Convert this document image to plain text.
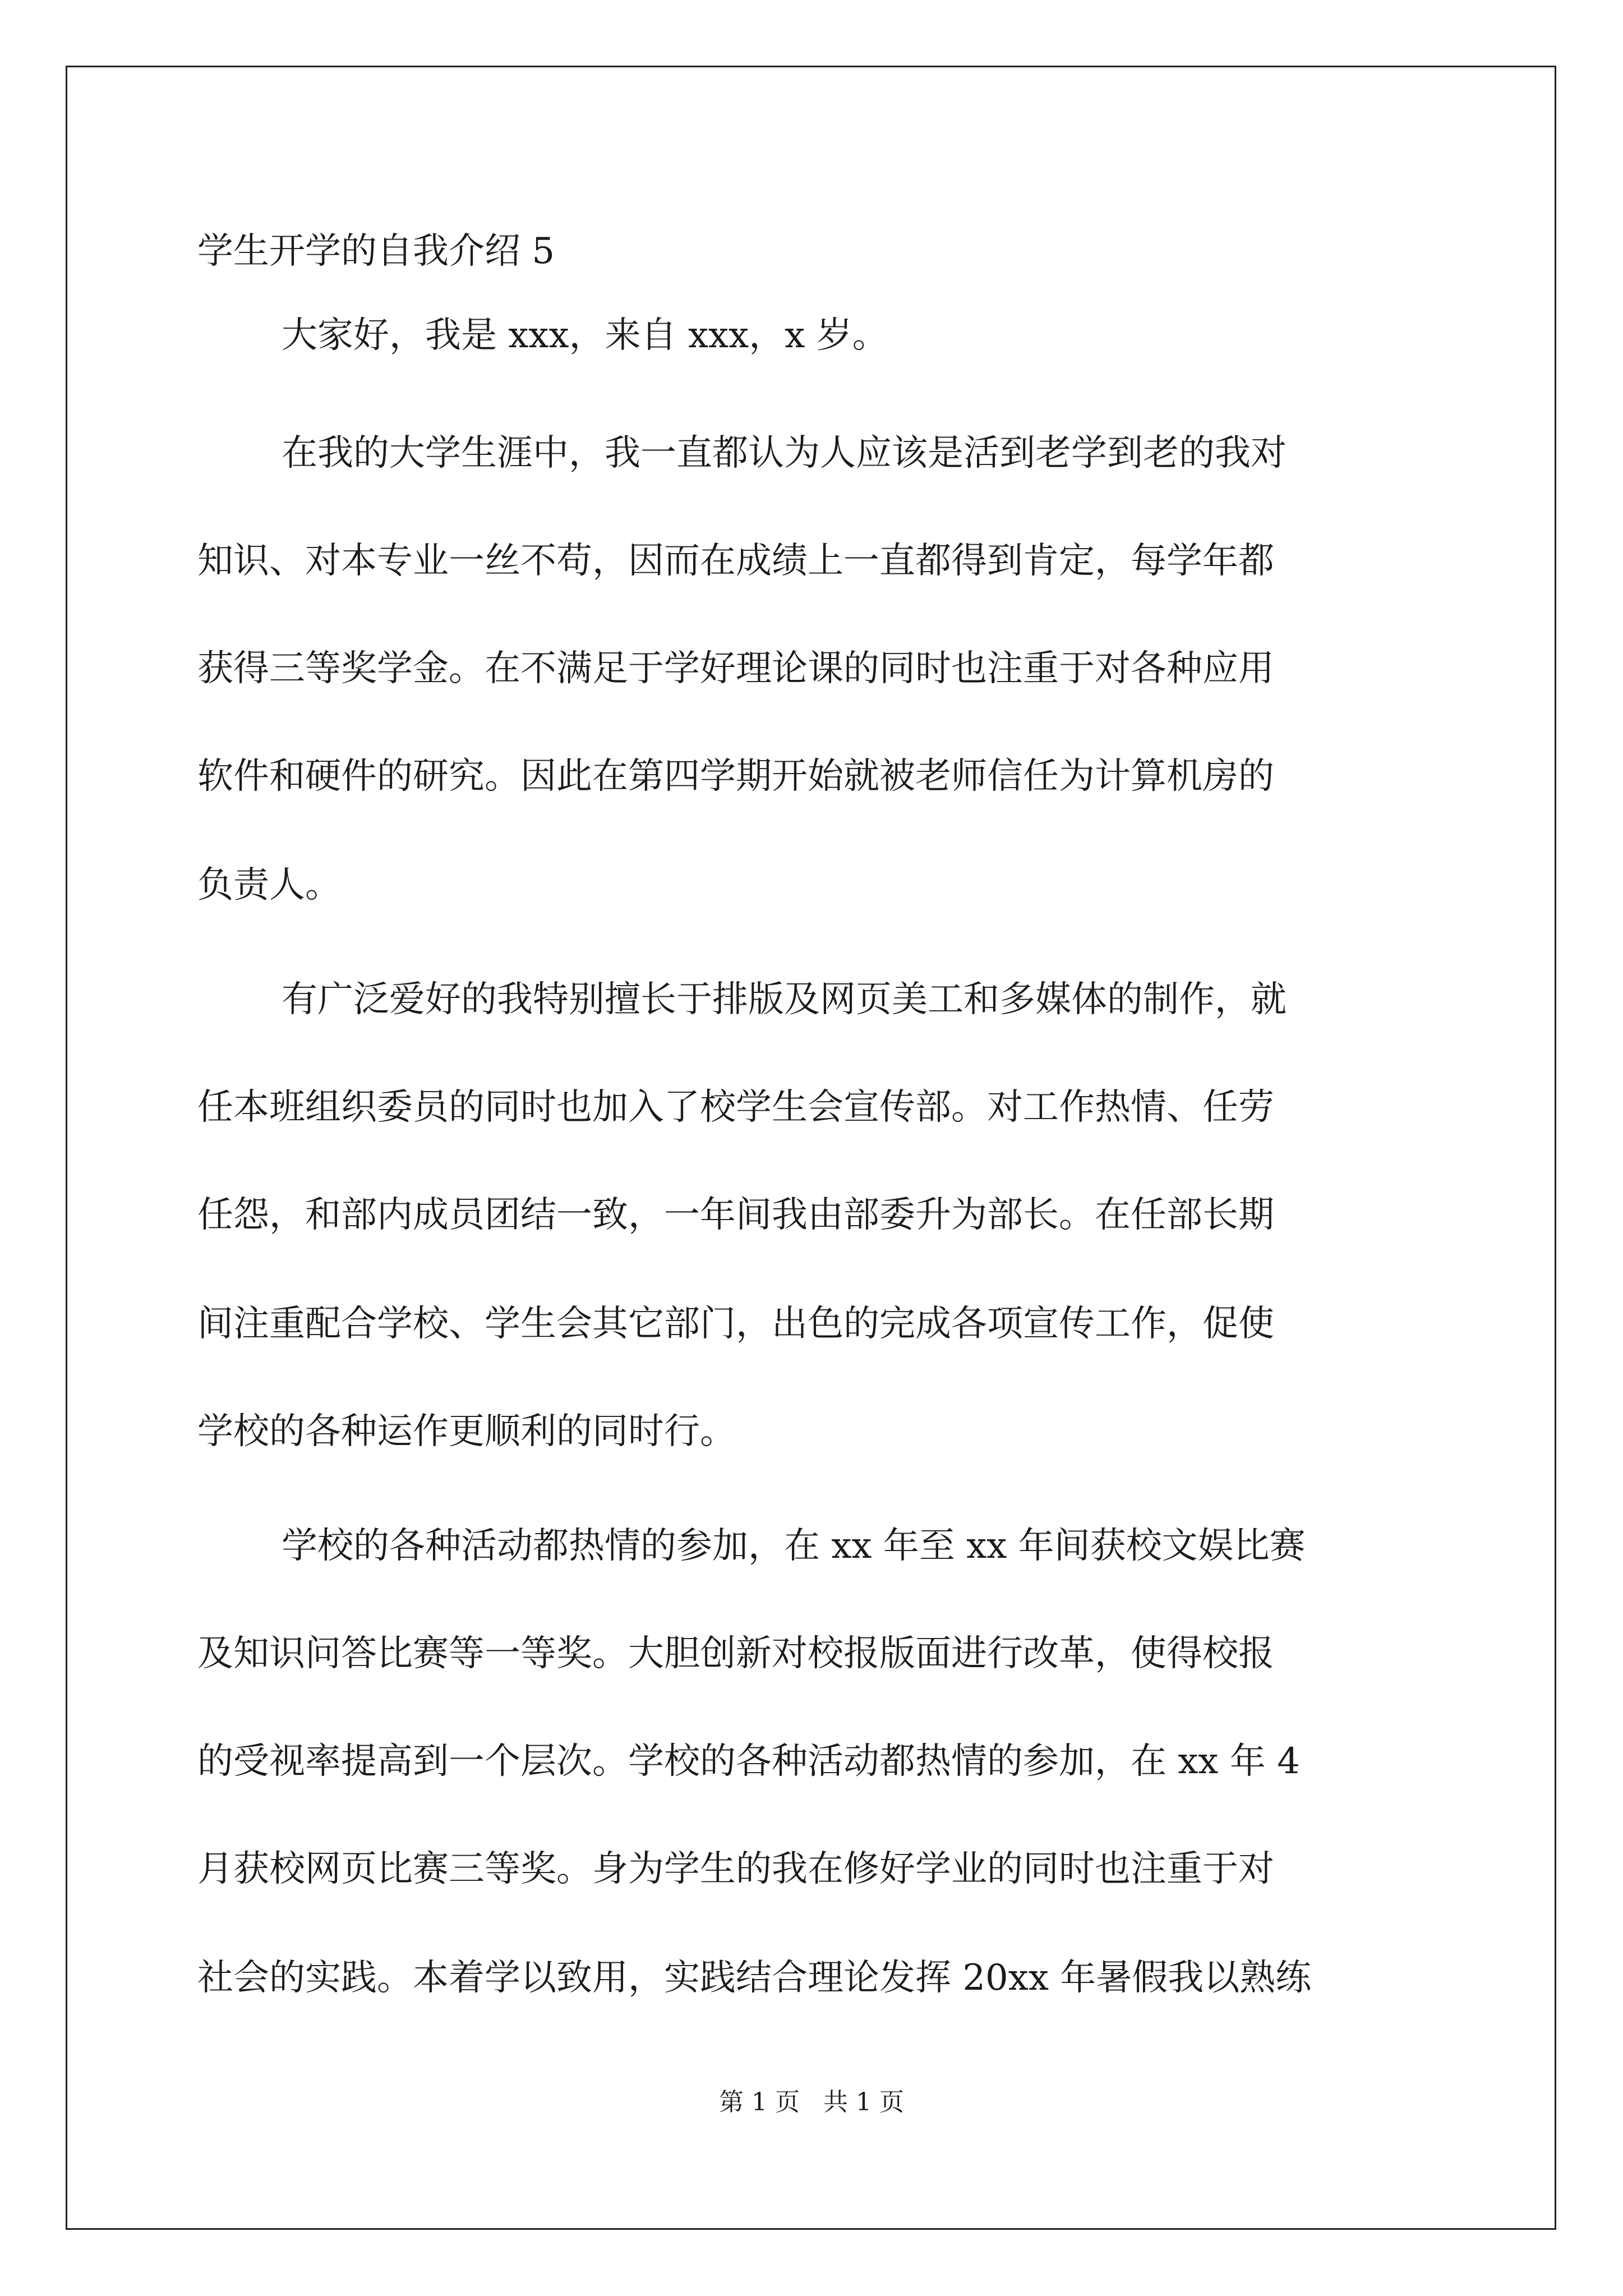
学生开学的自我介绍 5
大家好，我是 xxx，来自 xxx，x 岁。
在我的大学生涯中，我一直都认为人应该是活到老学到老的我对
知识、对本专业一丝不苟，因而在成绩上一直都得到肯定，每学年都
获得三等奖学金。在不满足于学好理论课的同时也注重于对各种应用
软件和硬件的研究。因此在第四学期开始就被老师信任为计算机房的
负责人。
有广泛爱好的我特别擅长于排版及网页美工和多媒体的制作，就
任本班组织委员的同时也加入了校学生会宣传部。对工作热情、任劳
任怨，和部内成员团结一致，一年间我由部委升为部长。在任部长期
间注重配合学校、学生会其它部门，出色的完成各项宣传工作，促使
学校的各种运作更顺利的同时行。
学校的各种活动都热情的参加，在 xx 年至 xx 年间获校文娱比赛
及知识问答比赛等一等奖。大胆创新对校报版面进行改革，使得校报
的受视率提高到一个层次。学校的各种活动都热情的参加，在 xx 年 4
月获校网页比赛三等奖。身为学生的我在修好学业的同时也注重于对
社会的实践。本着学以致用，实践结合理论发挥 20xx 年暑假我以熟练
第 1 页   共 1 页
